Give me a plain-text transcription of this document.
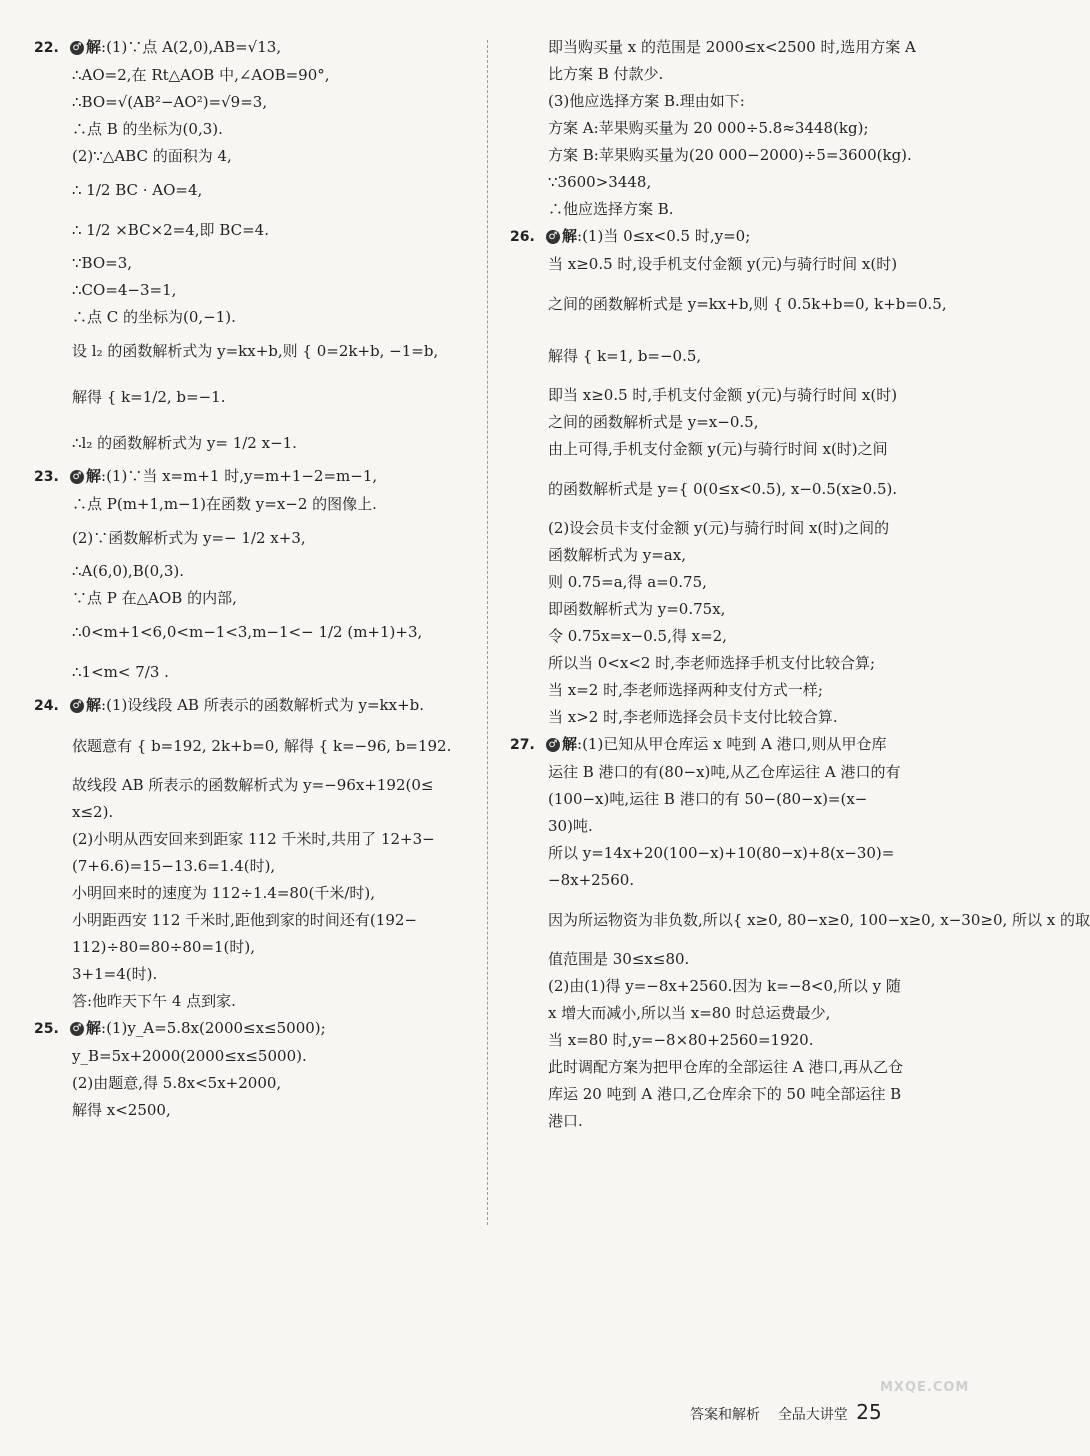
22. ♂ 解:(1)∵点 A(2,0),AB=√13,
∴AO=2,在 Rt△AOB 中,∠AOB=90°,
∴BO=√(AB²−AO²)=√9=3,
∴点 B 的坐标为(0,3).
(2)∵△ABC 的面积为 4,
∴ 1/2 BC · AO=4,
∴ 1/2 ×BC×2=4,即 BC=4.
∵BO=3,
∴CO=4−3=1,
∴点 C 的坐标为(0,−1).
设 l₂ 的函数解析式为 y=kx+b,则 { 0=2k+b, −1=b,
解得 { k=1/2, b=−1.
∴l₂ 的函数解析式为 y= 1/2 x−1.
23. ♂ 解:(1)∵当 x=m+1 时,y=m+1−2=m−1,
∴点 P(m+1,m−1)在函数 y=x−2 的图像上.
(2)∵函数解析式为 y=− 1/2 x+3,
∴A(6,0),B(0,3).
∵点 P 在△AOB 的内部,
∴0<m+1<6,0<m−1<3,m−1<− 1/2 (m+1)+3,
∴1<m< 7/3 .
24. ♂ 解:(1)设线段 AB 所表示的函数解析式为 y=kx+b.
依题意有 { b=192, 2k+b=0, 解得 { k=−96, b=192.
故线段 AB 所表示的函数解析式为 y=−96x+192(0≤
x≤2).
(2)小明从西安回来到距家 112 千米时,共用了 12+3−
(7+6.6)=15−13.6=1.4(时),
小明回来时的速度为 112÷1.4=80(千米/时),
小明距西安 112 千米时,距他到家的时间还有(192−
112)÷80=80÷80=1(时),
3+1=4(时).
答:他昨天下午 4 点到家.
25. ♂ 解:(1)y_A=5.8x(2000≤x≤5000);
y_B=5x+2000(2000≤x≤5000).
(2)由题意,得 5.8x<5x+2000,
解得 x<2500,
即当购买量 x 的范围是 2000≤x<2500 时,选用方案 A
比方案 B 付款少.
(3)他应选择方案 B.理由如下:
方案 A:苹果购买量为 20 000÷5.8≈3448(kg);
方案 B:苹果购买量为(20 000−2000)÷5=3600(kg).
∵3600>3448,
∴他应选择方案 B.
26. ♂ 解:(1)当 0≤x<0.5 时,y=0;
当 x≥0.5 时,设手机支付金额 y(元)与骑行时间 x(时)
之间的函数解析式是 y=kx+b,则 { 0.5k+b=0, k+b=0.5,
解得 { k=1, b=−0.5,
即当 x≥0.5 时,手机支付金额 y(元)与骑行时间 x(时)
之间的函数解析式是 y=x−0.5,
由上可得,手机支付金额 y(元)与骑行时间 x(时)之间
的函数解析式是 y={ 0(0≤x<0.5), x−0.5(x≥0.5).
(2)设会员卡支付金额 y(元)与骑行时间 x(时)之间的
函数解析式为 y=ax,
则 0.75=a,得 a=0.75,
即函数解析式为 y=0.75x,
令 0.75x=x−0.5,得 x=2,
所以当 0<x<2 时,李老师选择手机支付比较合算;
当 x=2 时,李老师选择两种支付方式一样;
当 x>2 时,李老师选择会员卡支付比较合算.
27. ♂ 解:(1)已知从甲仓库运 x 吨到 A 港口,则从甲仓库
运往 B 港口的有(80−x)吨,从乙仓库运往 A 港口的有
(100−x)吨,运往 B 港口的有 50−(80−x)=(x−
30)吨.
所以 y=14x+20(100−x)+10(80−x)+8(x−30)=
−8x+2560.
因为所运物资为非负数,所以{ x≥0, 80−x≥0, 100−x≥0, x−30≥0, 所以 x 的取
值范围是 30≤x≤80.
(2)由(1)得 y=−8x+2560.因为 k=−8<0,所以 y 随
x 增大而减小,所以当 x=80 时总运费最少,
当 x=80 时,y=−8×80+2560=1920.
此时调配方案为把甲仓库的全部运往 A 港口,再从乙仓
库运 20 吨到 A 港口,乙仓库余下的 50 吨全部运往 B
港口.
答案和解析 全品大讲堂 25
MXQE.COM
